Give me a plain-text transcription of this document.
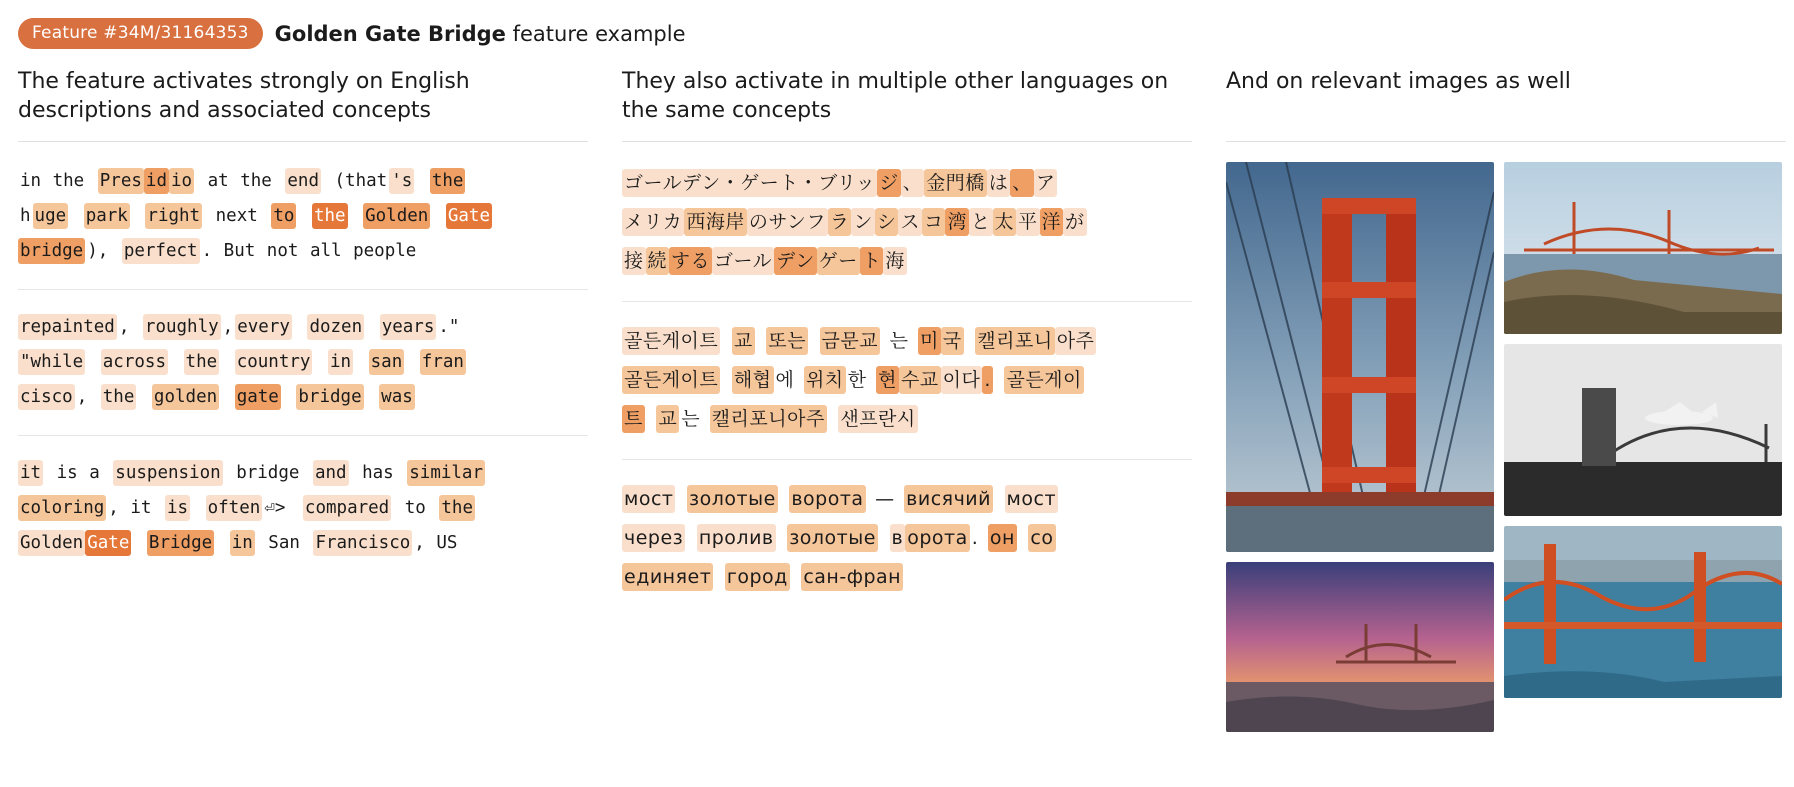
Feature #34M/31164353	Golden Gate Bridge feature example
The feature activates strongly on English descriptions and associated concepts
in the Pres id io at the end (that 's the
h uge park right next to the Golden Gate
bridge ), perfect . But not all people
repainted , roughly , every dozen years ."
"while across the country in san fran
cisco , the golden gate bridge was
it is a suspension bridge and has similar
coloring , it is often ⏎> compared to the
Golden Gate Bridge in San Francisco , US
They also activate in multiple other languages on the same concepts
ゴールデン・ゲート・ブリッ ジ 、 金門橋 は 、 ア
メリカ 西海岸 のサンフ ラ ン シ ス コ 湾 と 太 平 洋 が
接 続 する ゴール デン ゲー ト 海
골든게이트 교 또는 금문교 는 미 국 캘리포니 아주
골든게이트 해협 에 위치 한 현 수교 이다 . 골든게이
트 교 는 캘리포니아주 샌프란시
мост золотые ворота — висячий мост
через пролив золотые в орота . он со
единяет город сан-фран
And on relevant images as well
